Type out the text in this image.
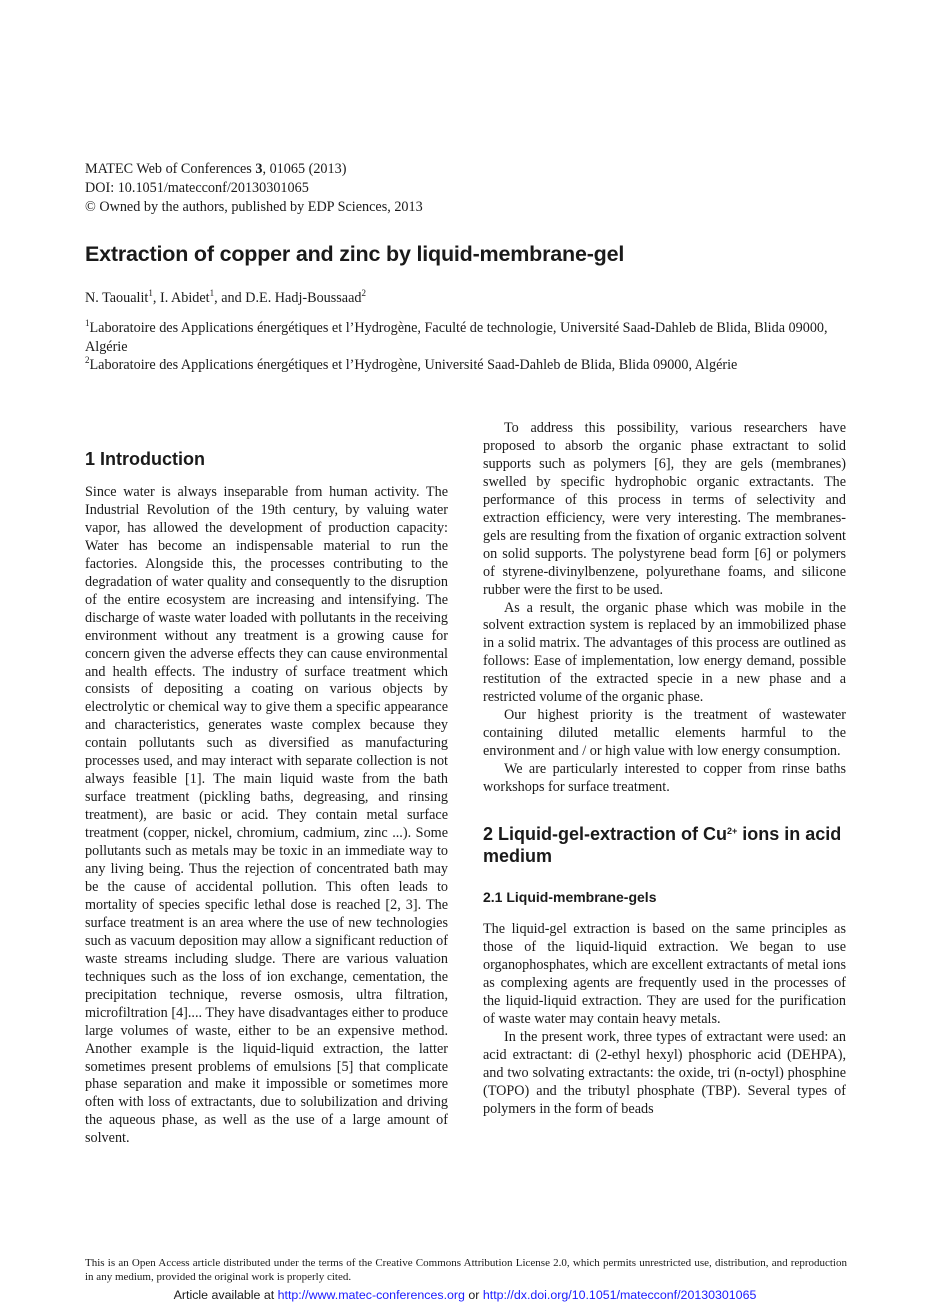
MATEC Web of Conferences 3, 01065 (2013)
DOI: 10.1051/matecconf/20130301065
© Owned by the authors, published by EDP Sciences, 2013
Extraction of copper and zinc by liquid-membrane-gel
N. Taoualit$^1$, I. Abidet$^1$, and D.E. Hadj-Boussaad$^2$
$^1$Laboratoire des Applications énergétiques et l’Hydrogène, Faculté de technologie, Université Saad-Dahleb de Blida, Blida 09000, Algérie
$^2$Laboratoire des Applications énergétiques et l’Hydrogène, Université Saad-Dahleb de Blida, Blida 09000, Algérie
1 Introduction

Since water is always inseparable from human activity. The Industrial Revolution of the 19th century, by valuing water vapor, has allowed the development of production capacity: Water has become an indispensable material to run the factories. Alongside this, the processes contributing to the degradation of water quality and consequently to the disruption of the entire ecosystem are increasing and intensifying. The discharge of waste water loaded with pollutants in the receiving environment without any treatment is a growing cause for concern given the adverse effects they can cause environmental and health effects. The industry of surface treatment which consists of depositing a coating on various objects by electrolytic or chemical way to give them a specific appearance and characteristics, generates waste complex because they contain pollutants such as diversified as manufacturing processes used, and may interact with separate collection is not always feasible [1]. The main liquid waste from the bath surface treatment (pickling baths, degreasing, and rinsing treatment), are basic or acid. They contain metal surface treatment (copper, nickel, chromium, cadmium, zinc ...). Some pollutants such as metals may be toxic in an immediate way to any living being. Thus the rejection of concentrated bath may be the cause of accidental pollution. This often leads to mortality of species specific lethal dose is reached [2, 3]. The surface treatment is an area where the use of new technologies such as vacuum deposition may allow a significant reduction of waste streams including sludge. There are various valuation techniques such as the loss of ion exchange, cementation, the precipitation technique, reverse osmosis, ultra filtration, microfiltration [4].... They have disadvantages either to produce large volumes of waste, either to be an expensive method. Another example is the liquid-liquid extraction, the latter sometimes present problems of emulsions [5] that complicate phase separation and make it impossible or sometimes more often with loss of extractants, due to solubilization and driving the aqueous phase, as well as the use of a large amount of solvent.

To address this possibility, various researchers have proposed to absorb the organic phase extractant to solid supports such as polymers [6], they are gels (membranes) swelled by specific hydrophobic organic extractants. The performance of this process in terms of selectivity and extraction efficiency, were very interesting. The membranes-gels are resulting from the fixation of organic extraction solvent on solid supports. The polystyrene bead form [6] or polymers of styrene-divinylbenzene, polyurethane foams, and silicone rubber were the first to be used.

As a result, the organic phase which was mobile in the solvent extraction system is replaced by an immobilized phase in a solid matrix. The advantages of this process are outlined as follows: Ease of implementation, low energy demand, possible restitution of the extracted specie in a new phase and a restricted volume of the organic phase.

Our highest priority is the treatment of wastewater containing diluted metallic elements harmful to the environment and / or high value with low energy consumption.

We are particularly interested to copper from rinse baths workshops for surface treatment.

2 Liquid-gel-extraction of $Cu^{2+}$ ions in acid medium
2.1 Liquid-membrane-gels

The liquid-gel extraction is based on the same principles as those of the liquid-liquid extraction. We began to use organophosphates, which are excellent extractants of metal ions as complexing agents are frequently used in the processes of the liquid-liquid extraction. They are used for the purification of waste water may contain heavy metals.

In the present work, three types of extractant were used: an acid extractant: di (2-ethyl hexyl) phosphoric acid (DEHPA), and two solvating extractants: the oxide, tri (n-octyl) phosphine (TOPO) and the tributyl phosphate (TBP). Several types of polymers in the form of beads

This is an Open Access article distributed under the terms of the Creative Commons Attribution License 2.0, which permits unrestricted use, distribution, and reproduction in any medium, provided the original work is properly cited.
Article available at http://www.matec-conferences.org or http://dx.doi.org/10.1051/matecconf/20130301065
